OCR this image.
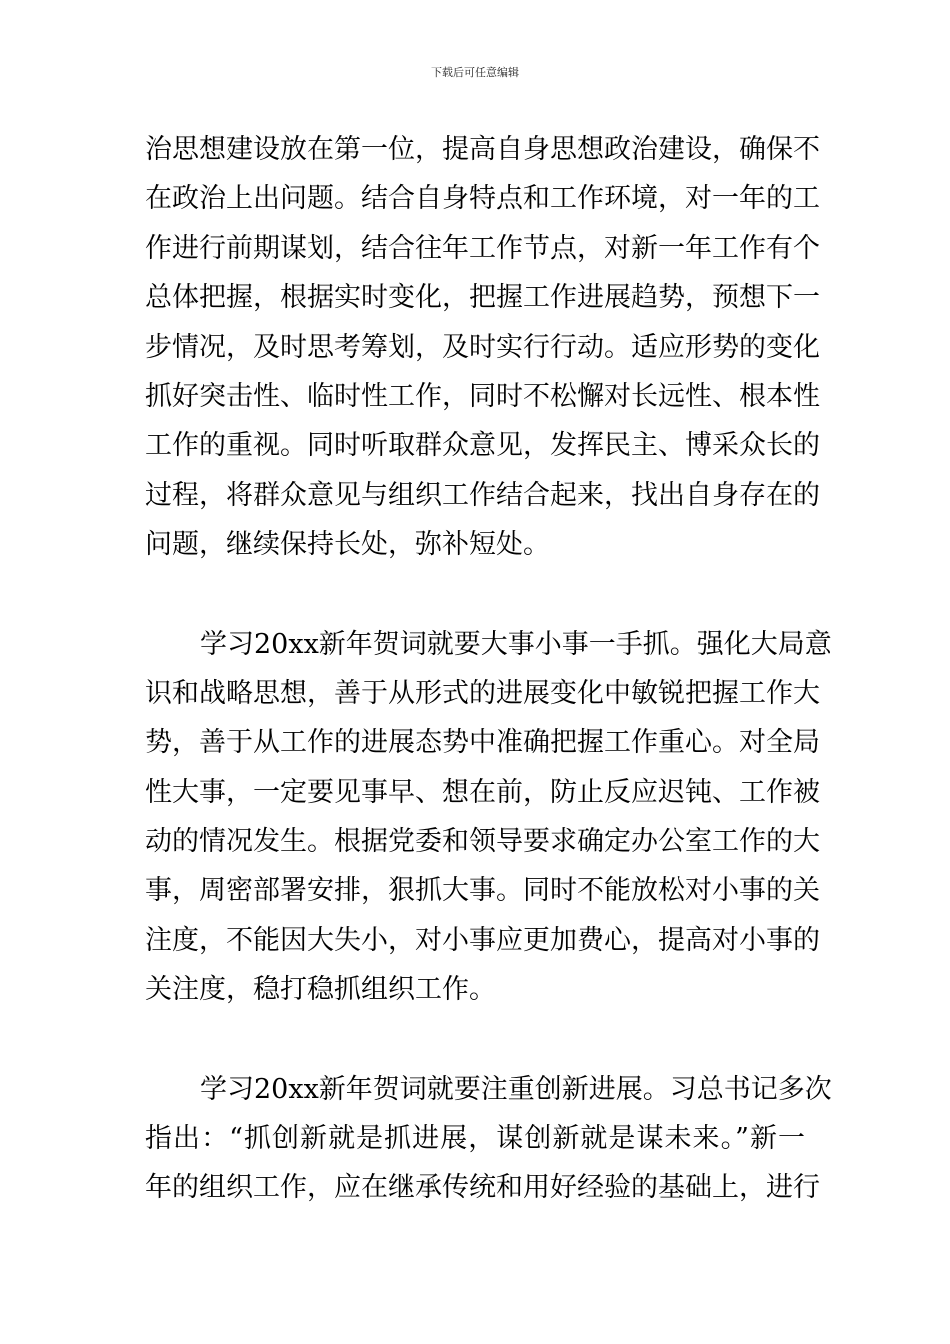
下载后可任意编辑
治思想建设放在第一位，提高自身思想政治建设，确保不
在政治上出问题。结合自身特点和工作环境，对一年的工
作进行前期谋划，结合往年工作节点，对新一年工作有个
总体把握，根据实时变化，把握工作进展趋势，预想下一
步情况，及时思考筹划，及时实行行动。适应形势的变化
抓好突击性、临时性工作，同时不松懈对长远性、根本性
工作的重视。同时听取群众意见，发挥民主、博采众长的
过程，将群众意见与组织工作结合起来，找出自身存在的
问题，继续保持长处，弥补短处。
学习20xx新年贺词就要大事小事一手抓。强化大局意
识和战略思想，善于从形式的进展变化中敏锐把握工作大
势，善于从工作的进展态势中准确把握工作重心。对全局
性大事，一定要见事早、想在前，防止反应迟钝、工作被
动的情况发生。根据党委和领导要求确定办公室工作的大
事，周密部署安排，狠抓大事。同时不能放松对小事的关
注度，不能因大失小，对小事应更加费心，提高对小事的
关注度，稳打稳抓组织工作。
学习20xx新年贺词就要注重创新进展。习总书记多次
指出：“抓创新就是抓进展，谋创新就是谋未来。”新一
年的组织工作，应在继承传统和用好经验的基础上，进行
